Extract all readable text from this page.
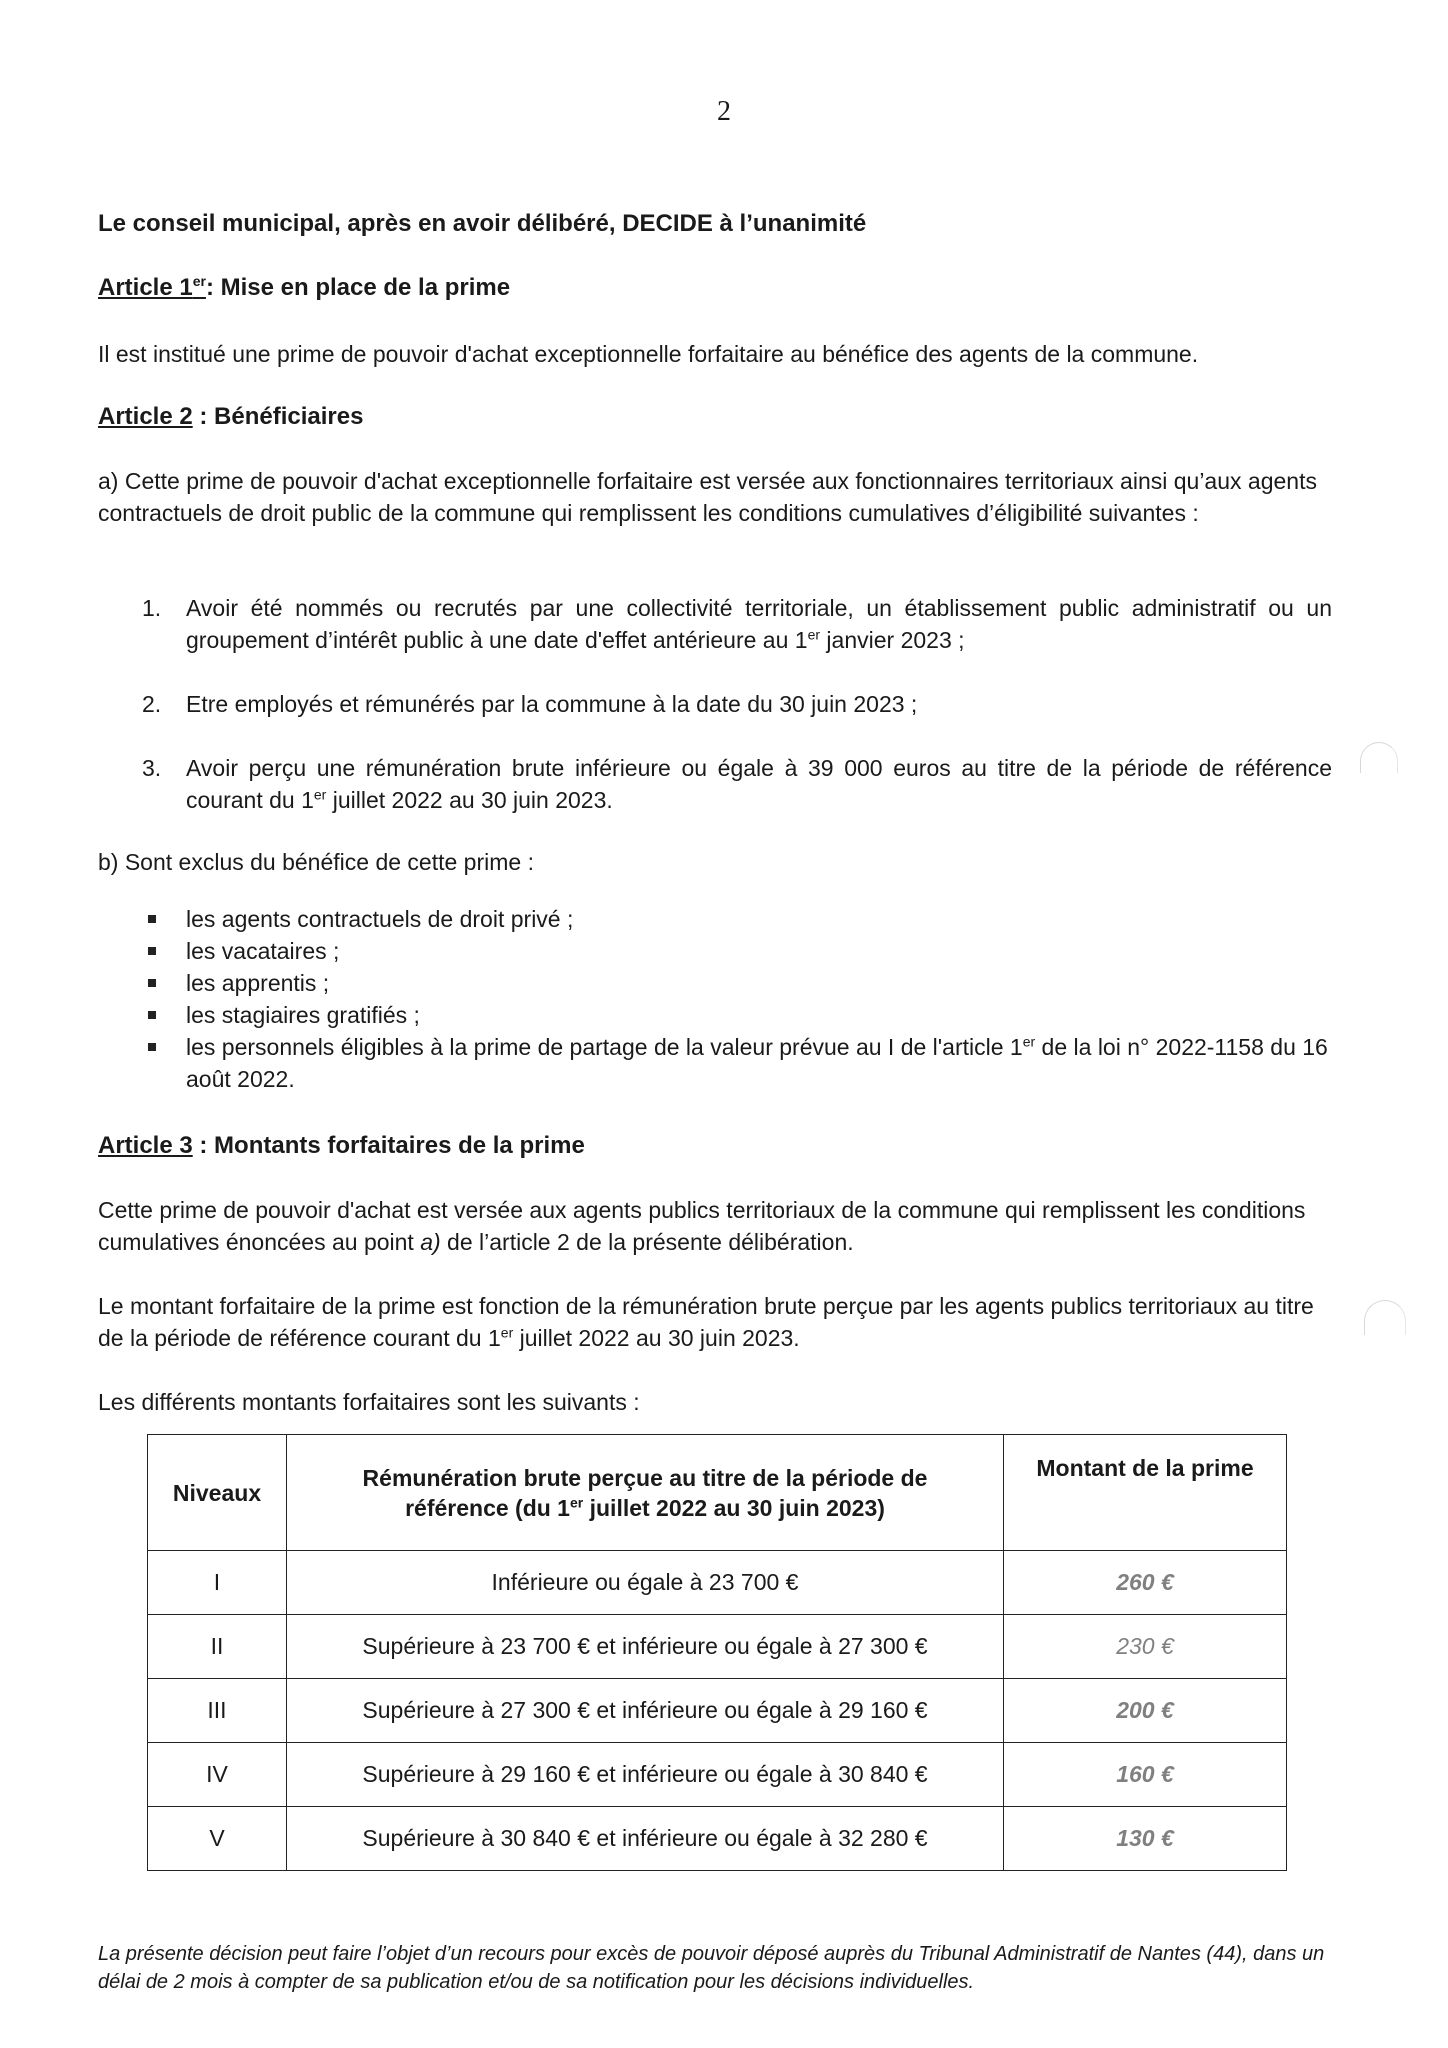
2
Le conseil municipal, après en avoir délibéré, DECIDE à l’unanimité
Article 1er: Mise en place de la prime
Il est institué une prime de pouvoir d'achat exceptionnelle forfaitaire au bénéfice des agents de la commune.
Article 2 : Bénéficiaires
a) Cette prime de pouvoir d'achat exceptionnelle forfaitaire est versée aux fonctionnaires territoriaux ainsi qu’aux agents contractuels de droit public de la commune qui remplissent les conditions cumulatives d’éligibilité suivantes :
1.	Avoir été nommés ou recrutés par une collectivité territoriale, un établissement public administratif ou un groupement d’intérêt public à une date d'effet antérieure au 1er janvier 2023 ;
2.	Etre employés et rémunérés par la commune à la date du 30 juin 2023 ;
3.	Avoir perçu une rémunération brute inférieure ou égale à 39 000 euros au titre de la période de référence courant du 1er juillet 2022 au 30 juin 2023.
b) Sont exclus du bénéfice de cette prime :
les agents contractuels de droit privé ;
les vacataires ;
les apprentis ;
les stagiaires gratifiés ;
les personnels éligibles à la prime de partage de la valeur prévue au I de l'article 1er de la loi n° 2022-1158 du 16 août 2022.
Article 3 : Montants forfaitaires de la prime
Cette prime de pouvoir d'achat est versée aux agents publics territoriaux de la commune qui remplissent les conditions cumulatives énoncées au point a) de l’article 2 de la présente délibération.
Le montant forfaitaire de la prime est fonction de la rémunération brute perçue par les agents publics territoriaux au titre de la période de référence courant du 1er juillet 2022 au 30 juin 2023.
Les différents montants forfaitaires sont les suivants :
Niveaux	Rémunération brute perçue au titre de la période de référence (du 1er juillet 2022 au 30 juin 2023)	Montant de la prime
I	Inférieure ou égale à 23 700 €	260 €
II	Supérieure à 23 700 € et inférieure ou égale à 27 300 €	230 €
III	Supérieure à 27 300 € et inférieure ou égale à 29 160 €	200 €
IV	Supérieure à 29 160 € et inférieure ou égale à 30 840 €	160 €
V	Supérieure à 30 840 € et inférieure ou égale à 32 280 €	130 €
La présente décision peut faire l’objet d’un recours pour excès de pouvoir déposé auprès du Tribunal Administratif de Nantes (44), dans un délai de 2 mois à compter de sa publication et/ou de sa notification pour les décisions individuelles.
